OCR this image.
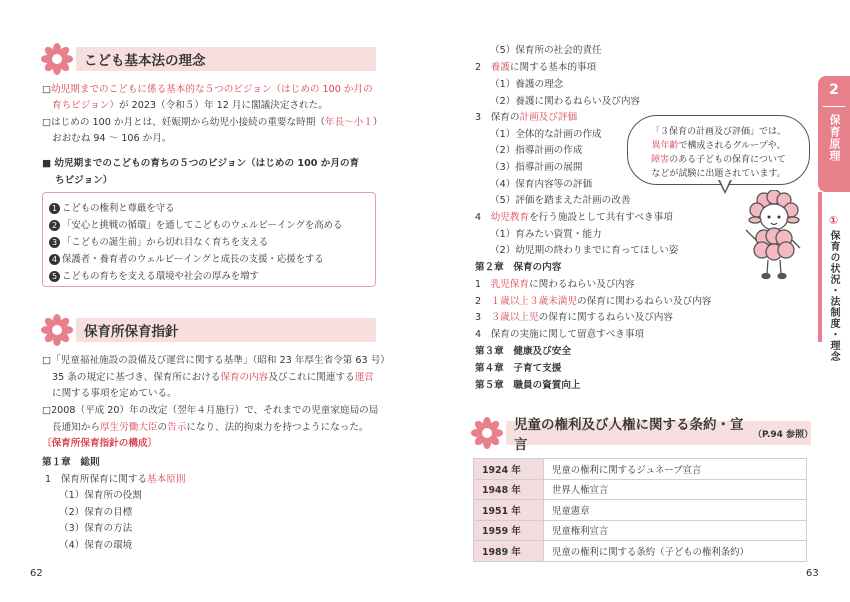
こども基本法の理念
□幼児期までのこどもに係る基本的な５つのビジョン（はじめの 100 か月の
育ちビジョン）が 2023（令和５）年 12 月に閣議決定された。
□はじめの 100 か月とは、妊娠期から幼児小接続の重要な時期（年長〜小１）
おおむね 94 〜 106 か月。
■ 幼児期までのこどもの育ちの５つのビジョン（はじめの 100 か月の育
ちビジョン）
1 こどもの権利と尊厳を守る
2 「安心と挑戦の循環」を通してこどものウェルビーイングを高める
3 「こどもの誕生前」から切れ目なく育ちを支える
4 保護者・養育者のウェルビーイングと成長の支援・応援をする
5 こどもの育ちを支える環境や社会の厚みを増す
保育所保育指針
□「児童福祉施設の設備及び運営に関する基準」（昭和 23 年厚生省令第 63 号）
35 条の規定に基づき、保育所における保育の内容及びこれに関連する運営
に関する事項を定めている。
□2008（平成 20）年の改定（翌年４月施行）で、それまでの児童家庭局の局
長通知から厚生労働大臣の告示になり、法的拘束力を持つようになった。
〔保育所保育指針の構成〕
第１章　総則
1　保育所保育に関する基本原則
（1）保育所の役割
（2）保育の目標
（3）保育の方法
（4）保育の環境
62
（5）保育所の社会的責任
2　養護に関する基本的事項
（1）養護の理念
（2）養護に関わるねらい及び内容
3　保育の計画及び評価
（1）全体的な計画の作成
（2）指導計画の作成
（3）指導計画の展開
（4）保育内容等の評価
（5）評価を踏まえた計画の改善
4　幼児教育を行う施設として共有すべき事項
（1）育みたい資質・能力
（2）幼児期の終わりまでに育ってほしい姿
第２章　保育の内容
1　乳児保育に関わるねらい及び内容
2　１歳以上３歳未満児の保育に関わるねらい及び内容
3　３歳以上児の保育に関するねらい及び内容
4　保育の実施に関して留意すべき事項
第３章　健康及び安全
第４章　子育て支援
第５章　職員の資質向上
「３保育の計画及び評価」では、
異年齢で構成されるグループや、
障害のある子どもの保育について
などが試験に出題されています。
児童の権利及び人権に関する条約・宣言
（P.94 参照）
1924 年	児童の権利に関するジュネーブ宣言
1948 年	世界人権宣言
1951 年	児童憲章
1959 年	児童権利宣言
1989 年	児童の権利に関する条約（子どもの権利条約）
2
保育原理
①
保育の状況・法制度・理念
63
